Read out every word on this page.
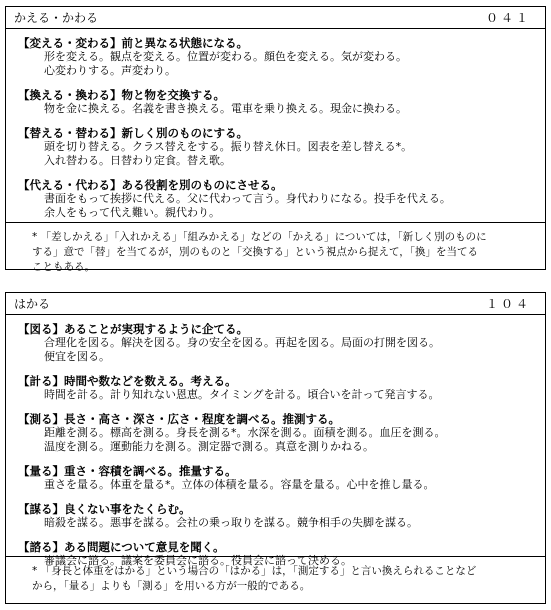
かえる・かわる	０４１
【変える・変わる】前と異なる状態になる。
形を変える。観点を変える。位置が変わる。顔色を変える。気が変わる。
心変わりする。声変わり。
【換える・換わる】物と物を交換する。
物を金に換える。名義を書き換える。電車を乗り換える。現金に換わる。
【替える・替わる】新しく別のものにする。
頭を切り替える。クラス替えをする。振り替え休日。図表を差し替える*。
入れ替わる。日替わり定食。替え歌。
【代える・代わる】ある役割を別のものにさせる。
書面をもって挨拶に代える。父に代わって言う。身代わりになる。投手を代える。
余人をもって代え難い。親代わり。
* 「差しかえる」「入れかえる」「組みかえる」などの「かえる」については，「新しく別のものに
する」意で「替」を当てるが，別のものと「交換する」という視点から捉えて，「換」を当てる
こともある。
はかる	１０４
【図る】あることが実現するように企てる。
合理化を図る。解決を図る。身の安全を図る。再起を図る。局面の打開を図る。
便宜を図る。
【計る】時間や数などを数える。考える。
時間を計る。計り知れない恩恵。タイミングを計る。頃合いを計って発言する。
【測る】長さ・高さ・深さ・広さ・程度を調べる。推測する。
距離を測る。標高を測る。身長を測る*。水深を測る。面積を測る。血圧を測る。
温度を測る。運動能力を測る。測定器で測る。真意を測りかねる。
【量る】重さ・容積を調べる。推量する。
重さを量る。体重を量る*。立体の体積を量る。容量を量る。心中を推し量る。
【謀る】良くない事をたくらむ。
暗殺を謀る。悪事を謀る。会社の乗っ取りを謀る。競争相手の失脚を謀る。
【諮る】ある問題について意見を聞く。
審議会に諮る。議案を委員会に諮る。役員会に諮って決める。
* 「身長と体重をはかる」という場合の「はかる」は，「測定する」と言い換えられることなど
から，「量る」よりも「測る」を用いる方が一般的である。
